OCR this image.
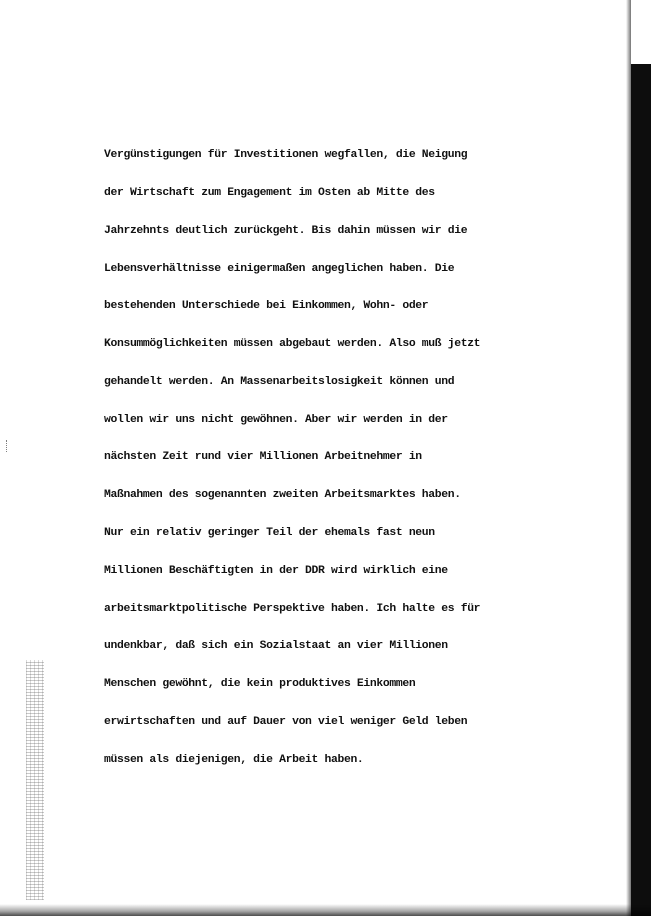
Vergünstigungen für Investitionen wegfallen, die Neigung

der Wirtschaft zum Engagement im Osten ab Mitte des

Jahrzehnts deutlich zurückgeht. Bis dahin müssen wir die

Lebensverhältnisse einigermaßen angeglichen haben. Die

bestehenden Unterschiede bei Einkommen, Wohn- oder

Konsummöglichkeiten müssen abgebaut werden. Also muß jetzt

gehandelt werden. An Massenarbeitslosigkeit können und

wollen wir uns nicht gewöhnen. Aber wir werden in der

nächsten Zeit rund vier Millionen Arbeitnehmer in

Maßnahmen des sogenannten zweiten Arbeitsmarktes haben.

Nur ein relativ geringer Teil der ehemals fast neun

Millionen Beschäftigten in der DDR wird wirklich eine

arbeitsmarktpolitische Perspektive haben. Ich halte es für

undenkbar, daß sich ein Sozialstaat an vier Millionen

Menschen gewöhnt, die kein produktives Einkommen

erwirtschaften und auf Dauer von viel weniger Geld leben

müssen als diejenigen, die Arbeit haben.
